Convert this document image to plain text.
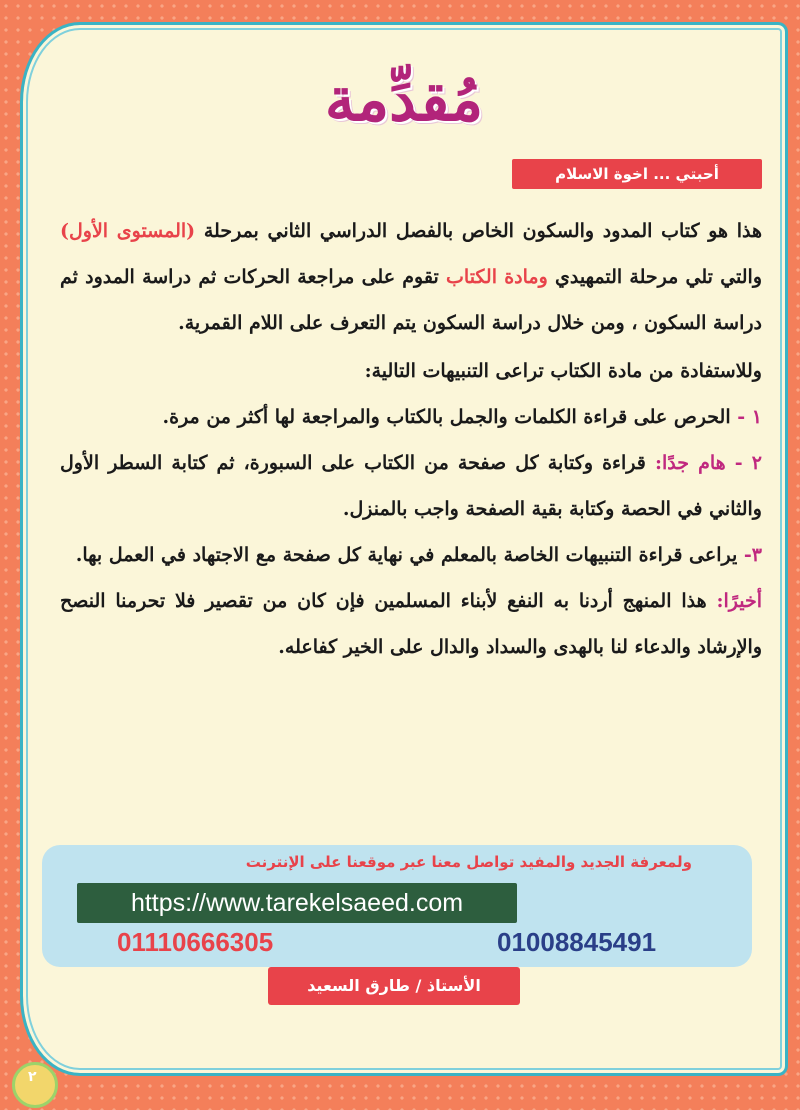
مُقدِّمة
أحبتي ... اخوة الاسلام

هذا هو كتاب المدود والسكون الخاص بالفصل الدراسي الثاني بمرحلة (المستوى الأول) والتي تلي مرحلة التمهيدي ومادة الكتاب تقوم على مراجعة الحركات ثم دراسة المدود ثم دراسة السكون ، ومن خلال دراسة السكون يتم التعرف على اللام القمرية.

وللاستفادة من مادة الكتاب تراعى التنبيهات التالية:

١ - الحرص على قراءة الكلمات والجمل بالكتاب والمراجعة لها أكثر من مرة.

٢ - هام جدًا: قراءة وكتابة كل صفحة من الكتاب على السبورة، ثم كتابة السطر الأول والثاني في الحصة وكتابة بقية الصفحة واجب بالمنزل.

٣- يراعى قراءة التنبيهات الخاصة بالمعلم في نهاية كل صفحة مع الاجتهاد في العمل بها.

أخيرًا: هذا المنهج أردنا به النفع لأبناء المسلمين فإن كان من تقصير فلا تحرمنا النصح والإرشاد والدعاء لنا بالهدى والسداد والدال على الخير كفاعله.

ولمعرفة الجديد والمفيد تواصل معنا عبر موقعنا على الإنترنت
https://www.tarekelsaeed.com
01008845491
01110666305
الأستاذ / طارق السعيد
٢
